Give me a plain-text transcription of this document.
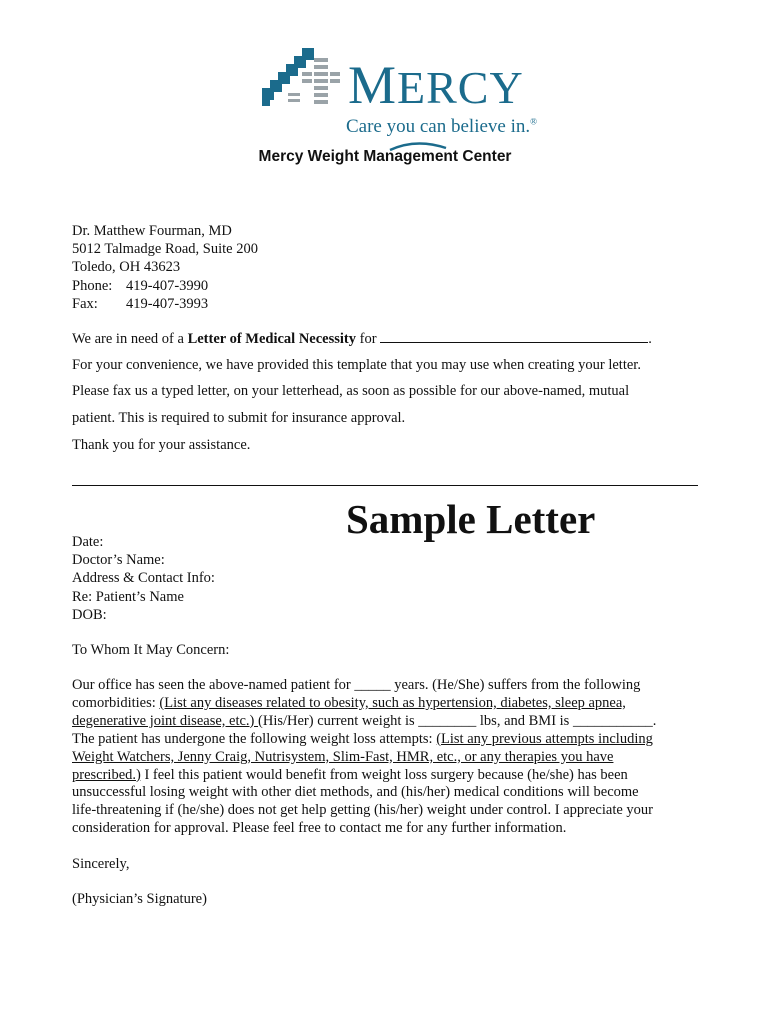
MERCY
Care you can believe in.®
Mercy Weight Management Center
Dr. Matthew Fourman, MD
5012 Talmadge Road, Suite 200
Toledo, OH 43623
Phone: 419-407-3990
Fax: 419-407-3993
We are in need of a Letter of Medical Necessity for	.
For your convenience, we have provided this template that you may use when creating your letter.
Please fax us a typed letter, on your letterhead, as soon as possible for our above-named, mutual
patient. This is required to submit for insurance approval.
Thank you for your assistance.
Sample Letter
Date:
Doctor’s Name:
Address & Contact Info:
Re: Patient’s Name
DOB:
To Whom It May Concern:
Our office has seen the above-named patient for _____ years. (He/She) suffers from the following
comorbidities: (List any diseases related to obesity, such as hypertension, diabetes, sleep apnea,
degenerative joint disease, etc.) (His/Her) current weight is ________ lbs, and BMI is ___________.
The patient has undergone the following weight loss attempts: (List any previous attempts including
Weight Watchers, Jenny Craig, Nutrisystem, Slim-Fast, HMR, etc., or any therapies you have
prescribed.) I feel this patient would benefit from weight loss surgery because (he/she) has been
unsuccessful losing weight with other diet methods, and (his/her) medical conditions will become
life-threatening if (he/she) does not get help getting (his/her) weight under control. I appreciate your
consideration for approval. Please feel free to contact me for any further information.
Sincerely,
(Physician’s Signature)
